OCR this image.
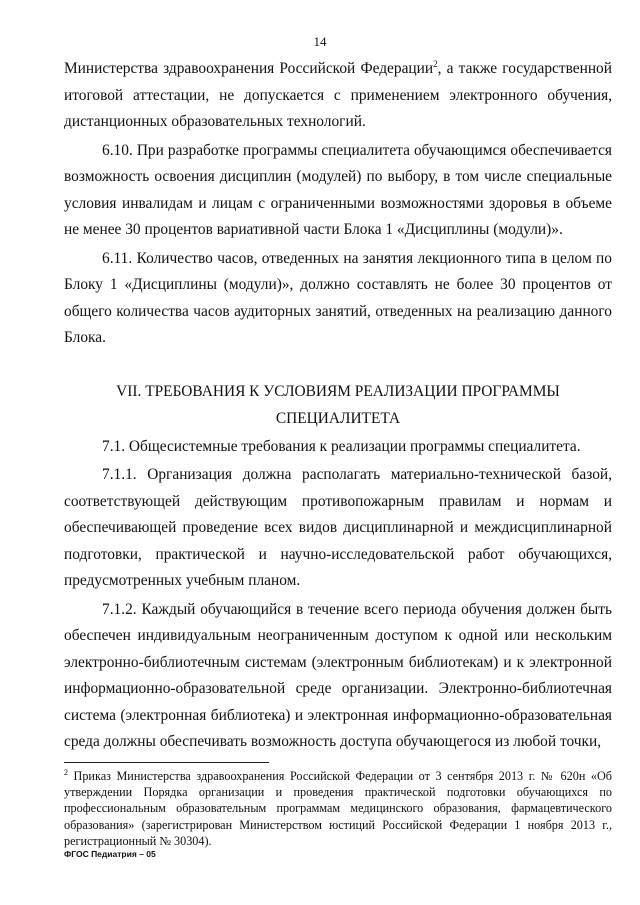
14

Министерства здравоохранения Российской Федерации$^2$, а также государственной итоговой аттестации, не допускается с применением электронного обучения, дистанционных образовательных технологий.

6.10. При разработке программы специалитета обучающимся обеспечивается возможность освоения дисциплин (модулей) по выбору, в том числе специальные условия инвалидам и лицам с ограниченными возможностями здоровья в объеме не менее 30 процентов вариативной части Блока 1 «Дисциплины (модули)».

6.11. Количество часов, отведенных на занятия лекционного типа в целом по Блоку 1 «Дисциплины (модули)», должно составлять не более 30 процентов от общего количества часов аудиторных занятий, отведенных на реализацию данного Блока.

VII. ТРЕБОВАНИЯ К УСЛОВИЯМ РЕАЛИЗАЦИИ ПРОГРАММЫ
СПЕЦИАЛИТЕТА

7.1. Общесистемные требования к реализации программы специалитета.

7.1.1. Организация должна располагать материально-технической базой, соответствующей действующим противопожарным правилам и нормам и обеспечивающей проведение всех видов дисциплинарной и междисциплинарной подготовки, практической и научно-исследовательской работ обучающихся, предусмотренных учебным планом.

7.1.2. Каждый обучающийся в течение всего периода обучения должен быть обеспечен индивидуальным неограниченным доступом к одной или нескольким электронно-библиотечным системам (электронным библиотекам) и к электронной информационно-образовательной среде организации. Электронно-библиотечная система (электронная библиотека) и электронная информационно-образовательная среда должны обеспечивать возможность доступа обучающегося из любой точки,

$^2$ Приказ Министерства здравоохранения Российской Федерации от 3 сентября 2013 г. № 620н «Об утверждении Порядка организации и проведения практической подготовки обучающихся по профессиональным образовательным программам медицинского образования, фармацевтического образования» (зарегистрирован Министерством юстиций Российской Федерации 1 ноября 2013 г., регистрационный № 30304).
ФГОС Педиатрия – 05
